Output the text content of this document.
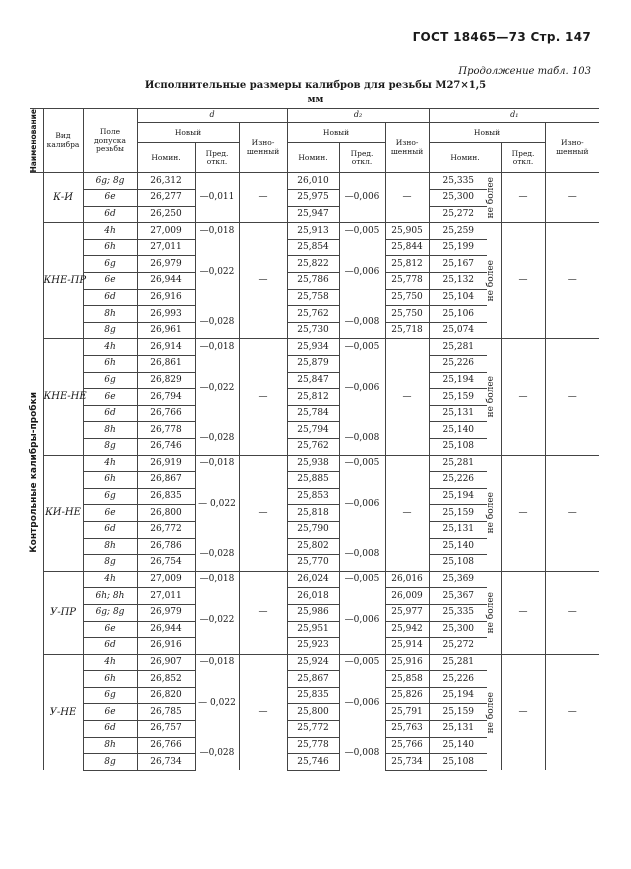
ГОСТ 18465—73 Стр. 147
Продолжение табл. 103
Исполнительные размеры калибров для резьбы М27×1,5
мм
Наименование	Вид калибра	Поле допуска резьбы	d			d₂			d₁			
			Новый		Изно-шенный	Новый		Изно-шенный	Новый			Изно-шенный
			Номин.	Пред. откл.		Номин.	Пред. откл.		Номин.		Пред. откл.	

Контрольные калибры-пробки	К-И	6g; 8g	26,312	—0,011	—	26,010	—0,006	—	25,335	не более	—	—
		6e	26,277			25,975			25,300			
		6d	26,250			25,947			25,272			
	КНЕ-ПР	4h	27,009	—0,018	—	25,913	—0,005	25,905	25,259	не более	—	—
		6h	27,011	—0,022		25,854	—0,006	25,844	25,199			
		6g	26,979			25,822		25,812	25,167			
		6e	26,944			25,786		25,778	25,132			
		6d	26,916			25,758		25,750	25,104			
		8h	26,993	—0,028		25,762	—0,008	25,750	25,106			
		8g	26,961			25,730		25,718	25,074			
	КНЕ-НЕ	4h	26,914	—0,018	—	25,934	—0,005	—	25,281	не более	—	—
		6h	26,861	—0,022		25,879	—0,006		25,226			
		6g	26,829			25,847			25,194			
		6e	26,794			25,812			25,159			
		6d	26,766			25,784			25,131			
		8h	26,778	—0,028		25,794	—0,008		25,140			
		8g	26,746			25,762			25,108			
	КИ-НЕ	4h	26,919	—0,018	—	25,938	—0,005	—	25,281	не более	—	—
		6h	26,867	— 0,022		25,885	—0,006		25,226			
		6g	26,835			25,853			25,194			
		6e	26,800			25,818			25,159			
		6d	26,772			25,790			25,131			
		8h	26,786	—0,028		25,802	—0,008		25,140			
		8g	26,754			25,770			25,108			
	У-ПР	4h	27,009	—0,018	—	26,024	—0,005	26,016	25,369	не более	—	—
		6h; 8h	27,011	—0,022		26,018	—0,006	26,009	25,367			
		6g; 8g	26,979			25,986		25,977	25,335			
		6e	26,944			25,951		25,942	25,300			
		6d	26,916			25,923		25,914	25,272			
	У-НЕ	4h	26,907	—0,018	—	25,924	—0,005	25,916	25,281	не более	—	—
		6h	26,852	— 0,022		25,867	—0,006	25,858	25,226			
		6g	26,820			25,835		25,826	25,194			
		6e	26,785			25,800		25,791	25,159			
		6d	26,757			25,772		25,763	25,131			
		8h	26,766	—0,028		25,778	—0,008	25,766	25,140			
		8g	26,734			25,746		25,734	25,108			
